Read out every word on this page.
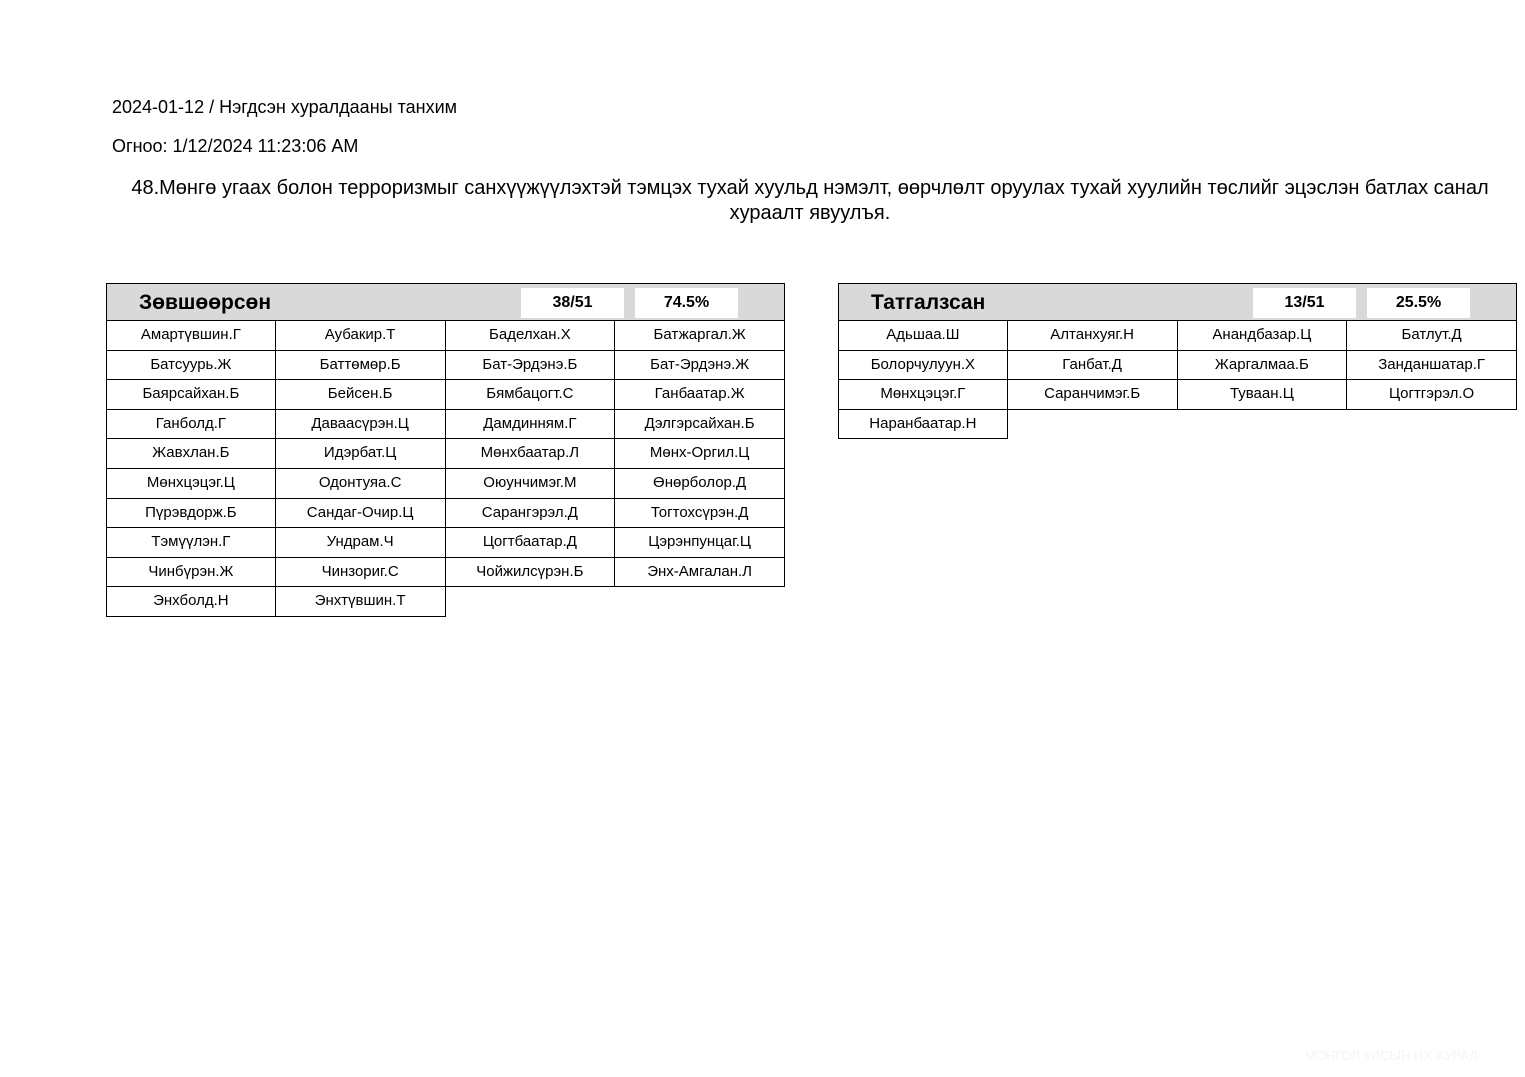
2024-01-12 / Нэгдсэн хуралдааны танхим
Огноо: 1/12/2024 11:23:06 AM
48.Мөнгө угаах болон терроризмыг санхүүжүүлэхтэй тэмцэх тухай хуульд нэмэлт, өөрчлөлт оруулах тухай хуулийн төслийг эцэслэн батлах санал хураалт явуулъя.
Зөвшөөрсөн	38/51	74.5%
Амартүвшин.Г	Аубакир.Т	Баделхан.Х	Батжаргал.Ж
Батсуурь.Ж	Баттөмөр.Б	Бат-Эрдэнэ.Б	Бат-Эрдэнэ.Ж
Баярсайхан.Б	Бейсен.Б	Бямбацогт.С	Ганбаатар.Ж
Ганболд.Г	Даваасүрэн.Ц	Дамдинням.Г	Дэлгэрсайхан.Б
Жавхлан.Б	Идэрбат.Ц	Мөнхбаатар.Л	Мөнх-Оргил.Ц
Мөнхцэцэг.Ц	Одонтуяа.С	Оюунчимэг.М	Өнөрболор.Д
Пүрэвдорж.Б	Сандаг-Очир.Ц	Сарангэрэл.Д	Тогтохсүрэн.Д
Тэмүүлэн.Г	Ундрам.Ч	Цогтбаатар.Д	Цэрэнпунцаг.Ц
Чинбүрэн.Ж	Чинзориг.С	Чойжилсүрэн.Б	Энх-Амгалан.Л
Энхболд.Н	Энхтүвшин.Т
Татгалзсан	13/51	25.5%
Адьшаа.Ш	Алтанхуяг.Н	Анандбазар.Ц	Батлут.Д
Болорчулуун.Х	Ганбат.Д	Жаргалмаа.Б	Занданшатар.Г
Мөнхцэцэг.Г	Саранчимэг.Б	Туваан.Ц	Цогтгэрэл.О
Наранбаатар.Н
МОНГОЛ УЛСЫН ИХ ХУРАЛ
